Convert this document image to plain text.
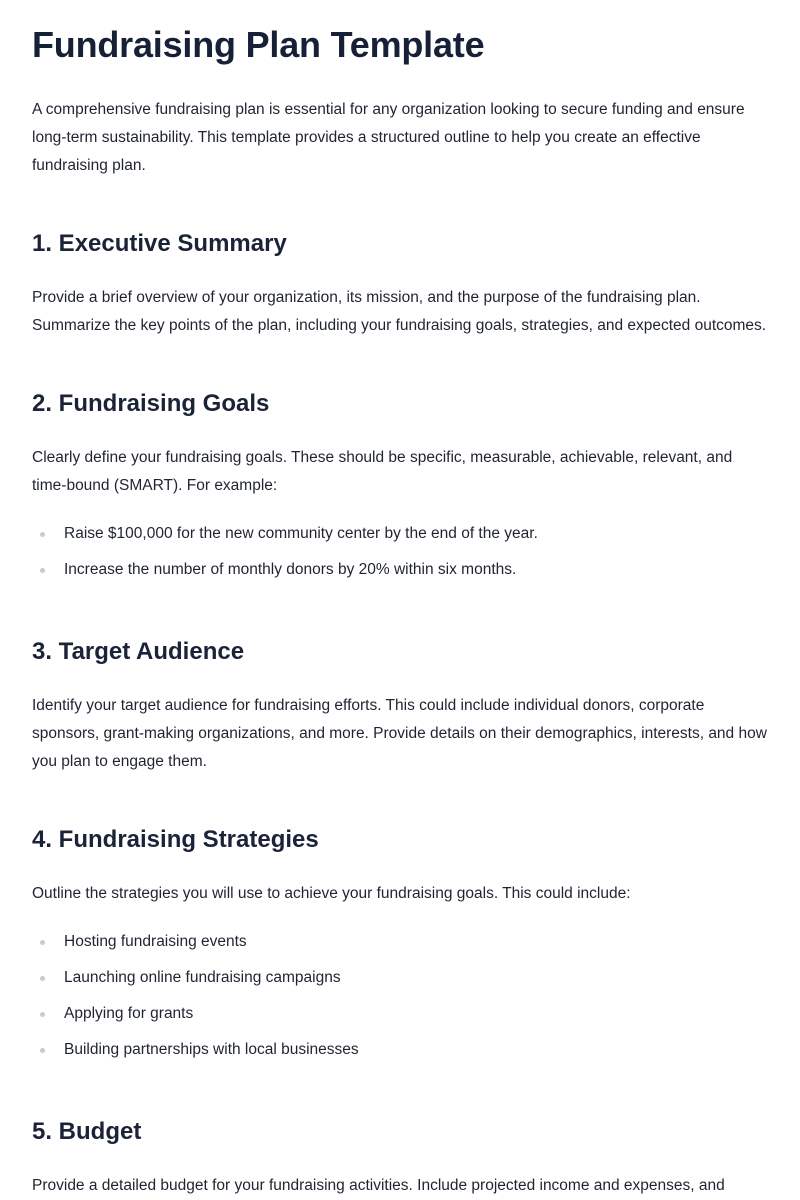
Fundraising Plan Template

A comprehensive fundraising plan is essential for any organization looking to secure funding and ensure long-term sustainability. This template provides a structured outline to help you create an effective fundraising plan.

1. Executive Summary

Provide a brief overview of your organization, its mission, and the purpose of the fundraising plan. Summarize the key points of the plan, including your fundraising goals, strategies, and expected outcomes.

2. Fundraising Goals

Clearly define your fundraising goals. These should be specific, measurable, achievable, relevant, and time-bound (SMART). For example:

Raise $100,000 for the new community center by the end of the year.
Increase the number of monthly donors by 20% within six months.
3. Target Audience

Identify your target audience for fundraising efforts. This could include individual donors, corporate sponsors, grant-making organizations, and more. Provide details on their demographics, interests, and how you plan to engage them.

4. Fundraising Strategies

Outline the strategies you will use to achieve your fundraising goals. This could include:

Hosting fundraising events
Launching online fundraising campaigns
Applying for grants
Building partnerships with local businesses
5. Budget

Provide a detailed budget for your fundraising activities. Include projected income and expenses, and
